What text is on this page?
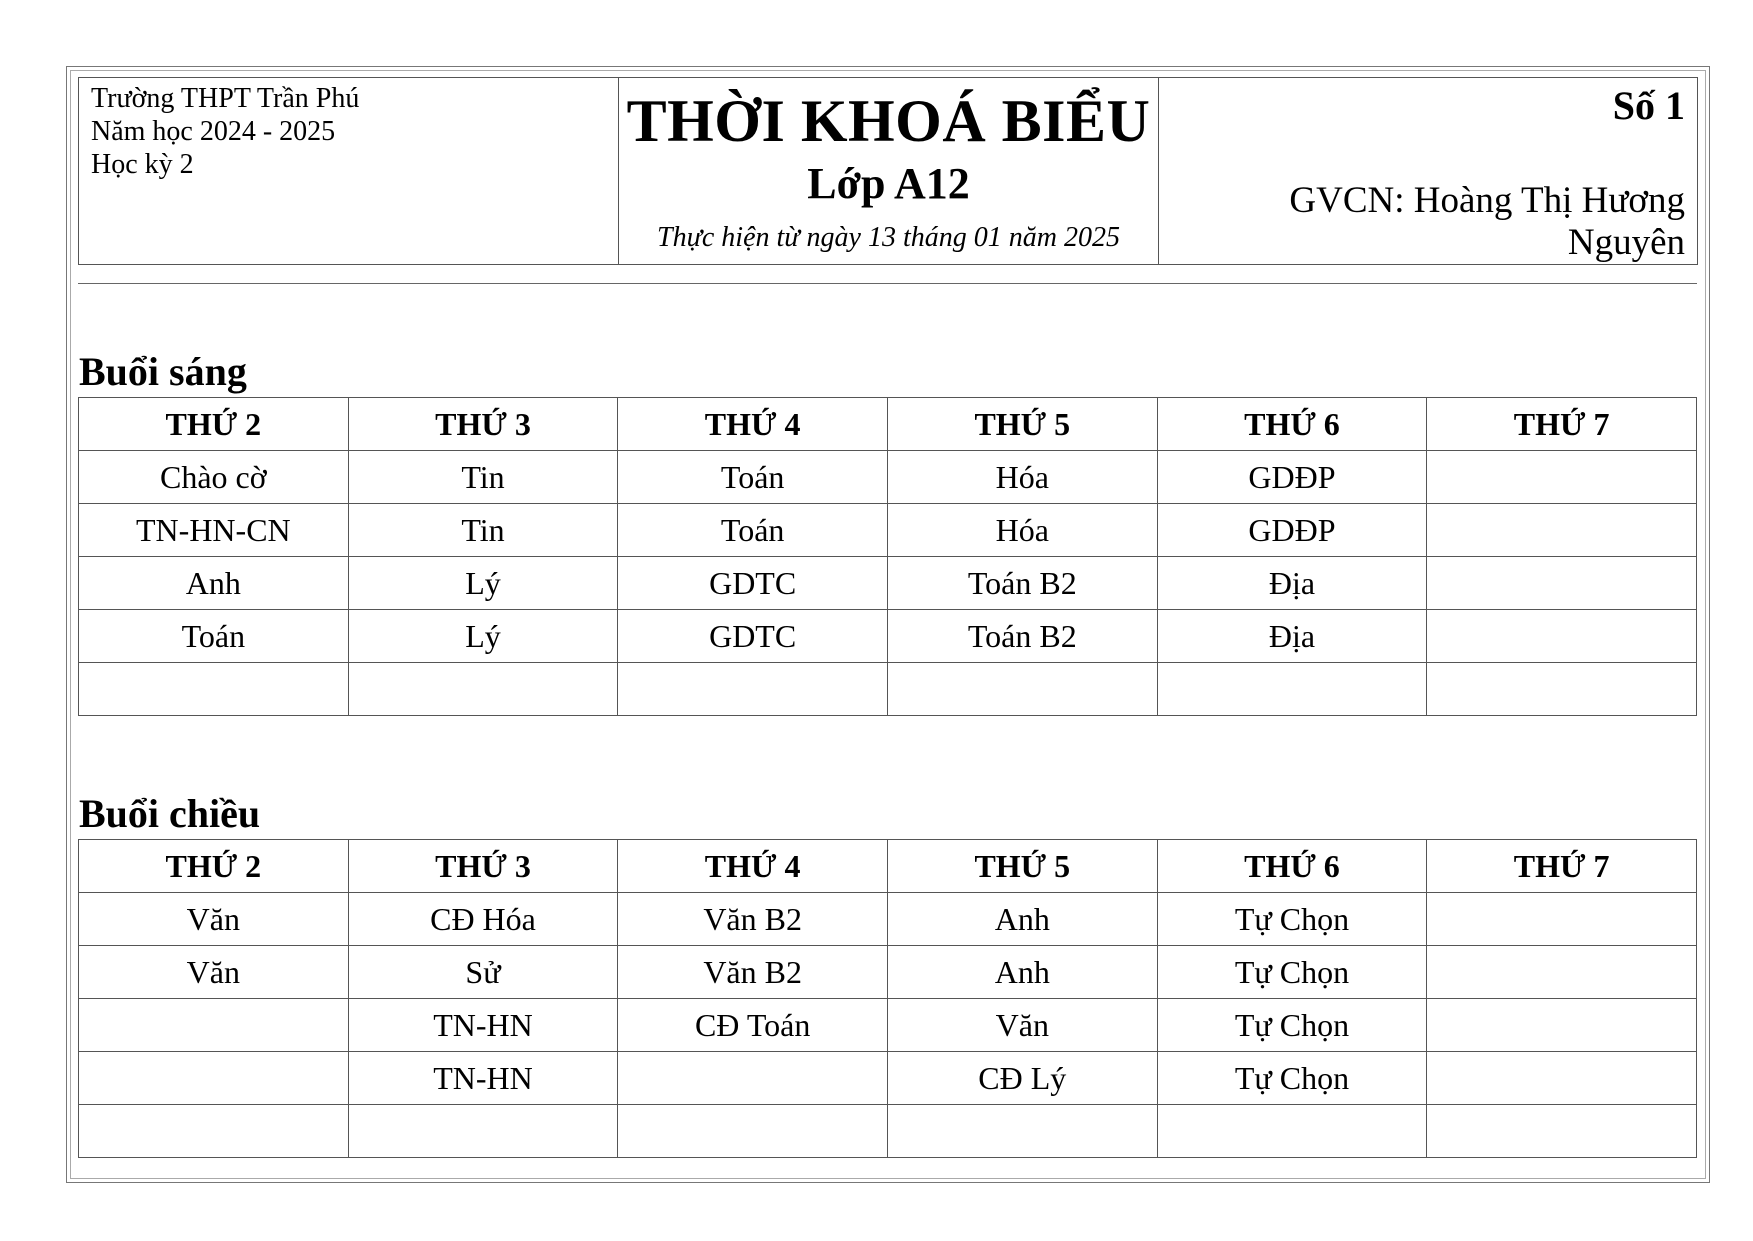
Trường THPT Trần Phú
Năm học 2024 - 2025
Học kỳ 2

THỜI KHOÁ BIỂU
Lớp A12
Thực hiện từ ngày 13 tháng 01 năm 2025

Số 1
GVCN: Hoàng Thị Hương
Nguyên
Buổi sáng
THỨ 2	THỨ 3	THỨ 4	THỨ 5	THỨ 6	THỨ 7
Chào cờ	Tin	Toán	Hóa	GDĐP	
TN-HN-CN	Tin	Toán	Hóa	GDĐP	
Anh	Lý	GDTC	Toán B2	Địa	
Toán	Lý	GDTC	Toán B2	Địa	

Buổi chiều
THỨ 2	THỨ 3	THỨ 4	THỨ 5	THỨ 6	THỨ 7
Văn	CĐ Hóa	Văn B2	Anh	Tự Chọn	
Văn	Sử	Văn B2	Anh	Tự Chọn	
	TN-HN	CĐ Toán	Văn	Tự Chọn	
	TN-HN		CĐ Lý	Tự Chọn	
